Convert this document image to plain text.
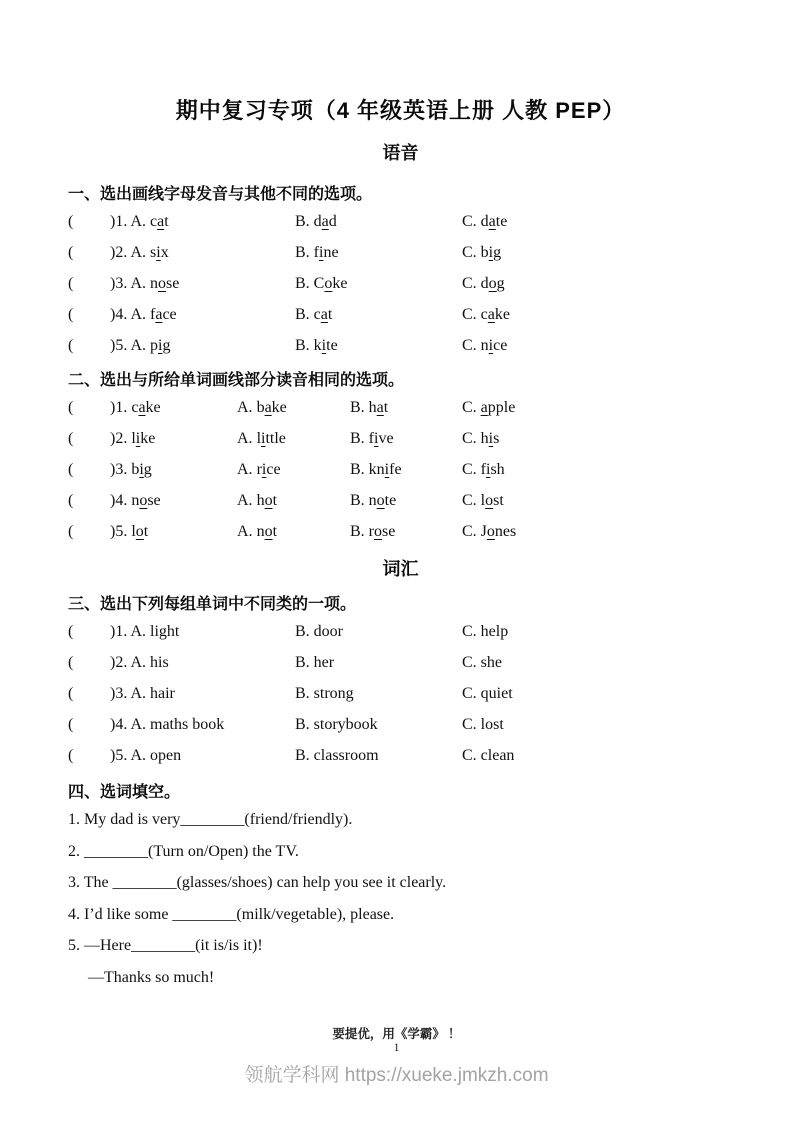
期中复习专项（4 年级英语上册 人教 PEP）
语音
一、选出画线字母发音与其他不同的选项。
(	)1. A. cat	B. dad	C. date
(	)2. A. six	B. fine	C. big
(	)3. A. nose	B. Coke	C. dog
(	)4. A. face	B. cat	C. cake
(	)5. A. pig	B. kite	C. nice
二、选出与所给单词画线部分读音相同的选项。
(	)1. cake	A. bake	B. hat	C. apple
(	)2. like	A. little	B. five	C. his
(	)3. big	A. rice	B. knife	C. fish
(	)4. nose	A. hot	B. note	C. lost
(	)5. lot	A. not	B. rose	C. Jones
词汇
三、选出下列每组单词中不同类的一项。
(	)1. A. light	B. door	C. help
(	)2. A. his	B. her	C. she
(	)3. A. hair	B. strong	C. quiet
(	)4. A. maths book	B. storybook	C. lost
(	)5. A. open	B. classroom	C. clean
四、选词填空。
1. My dad is very________(friend/friendly).
2. ________(Turn on/Open) the TV.
3. The ________(glasses/shoes) can help you see it clearly.
4. I’d like some ________(milk/vegetable), please.
5. —Here________(it is/is it)!
—Thanks so much!
要提优，用《学霸》 ！
1
领航学科网 https://xueke.jmkzh.com
